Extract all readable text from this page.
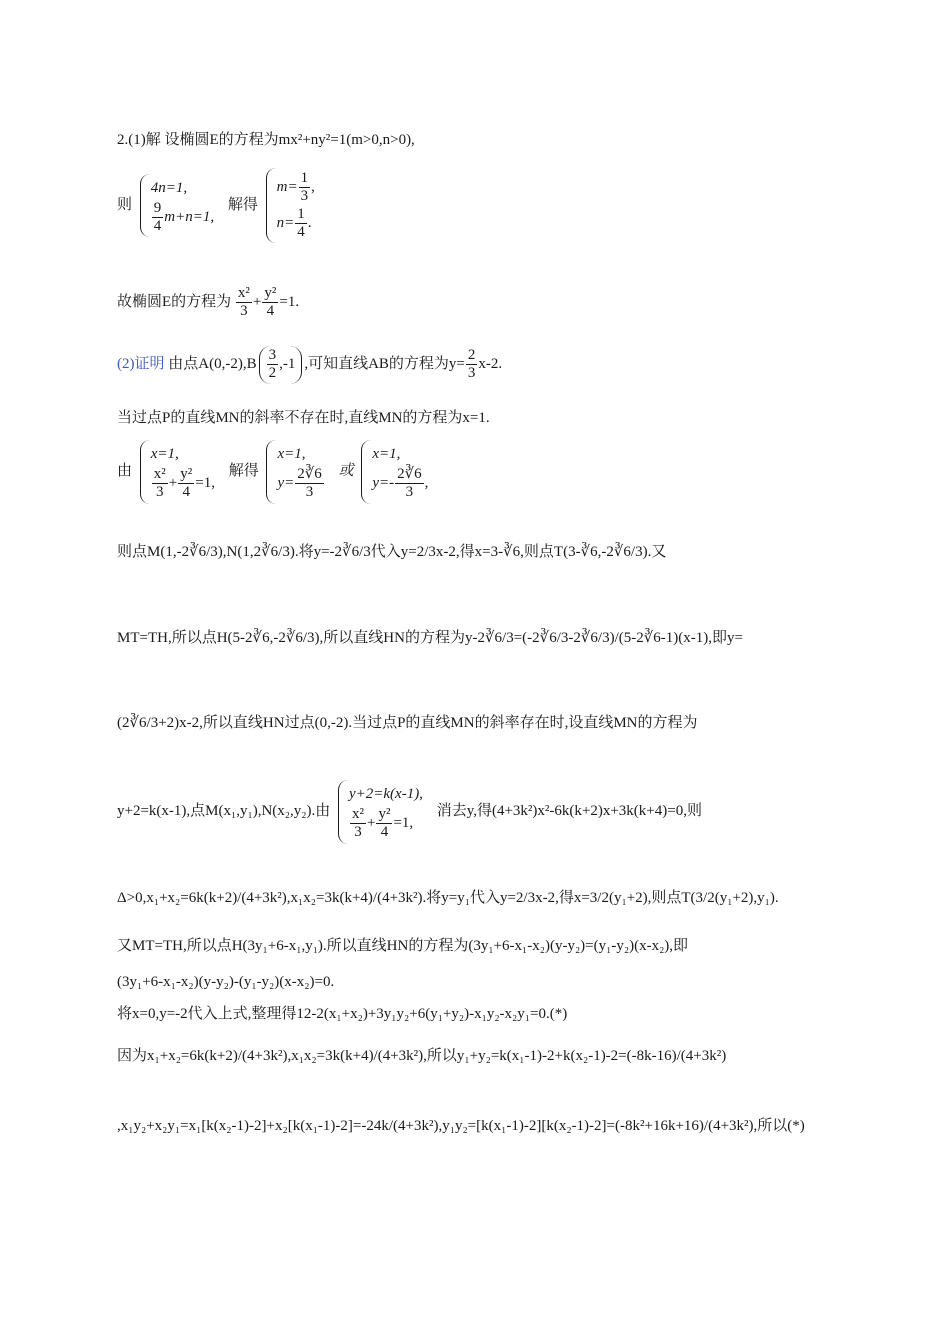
2.(1)解 设椭圆E的方程为mx²+ny²=1(m>0,n>0),
则
4n=1,
$\frac{9}{4} m+n=1$,
解得
$m= \frac{1}{3}$ ,
$n= \frac{1}{4}$ .
故椭圆E的方程为 $\frac{\text{x²}}{3} + \frac{\text{y²}}{4} =1$.
(2)证明 由点$A(0,-2),B \frac{3}{2} ,-1$ ,可知直线AB的方程为$y= \frac{2}{3} x-2$.
当过点P的直线MN的斜率不存在时,直线MN的方程为x=1.
由
x=1,
$\frac{\text{x²}}{3} + \frac{\text{y²}}{4} =1$,
解得
x=1,
$y= \frac{2∛6}{3}$ 或
x=1,
$y=- \frac{2∛6}{3}$ ,
则点M(1,-2∛6/3),N(1,2∛6/3).将y=-2∛6/3代入y=2/3x-2,得x=3-∛6,则点T(3-∛6,-2∛6/3).又
MT=TH,所以点H(5-2∛6,-2∛6/3),所以直线HN的方程为y-2∛6/3=(-2∛6/3-2∛6/3)/(5-2∛6-1)(x-1),即y=
(2∛6/3+2)x-2,所以直线HN过点(0,-2).当过点P的直线MN的斜率存在时,设直线MN的方程为
y+2=k(x-1),点M(x₁,y₁),N(x₂,y₂).由
y+2=k(x-1),
$\frac{\text{x²}}{3} + \frac{\text{y²}}{4} =1$,
消去y,得(4+3k²)x²-6k(k+2)x+3k(k+4)=0,则
Δ>0,x₁+x₂=6k(k+2)/(4+3k²),x₁x₂=3k(k+4)/(4+3k²).将y=y₁代入y=2/3x-2,得x=3/2(y₁+2),则点T(3/2(y₁+2),y₁).
又MT=TH,所以点H(3y₁+6-x₁,y₁).所以直线HN的方程为(3y₁+6-x₁-x₂)(y-y₂)=(y₁-y₂)(x-x₂),即
(3y₁+6-x₁-x₂)(y-y₂)-(y₁-y₂)(x-x₂)=0.
将x=0,y=-2代入上式,整理得12-2(x₁+x₂)+3y₁y₂+6(y₁+y₂)-x₁y₂-x₂y₁=0.(*)
因为x₁+x₂=6k(k+2)/(4+3k²),x₁x₂=3k(k+4)/(4+3k²),所以y₁+y₂=k(x₁-1)-2+k(x₂-1)-2=(-8k-16)/(4+3k²)
,x₁y₂+x₂y₁=x₁[k(x₂-1)-2]+x₂[k(x₁-1)-2]=-24k/(4+3k²),y₁y₂=[k(x₁-1)-2][k(x₂-1)-2]=(-8k²+16k+16)/(4+3k²),所以(*)
